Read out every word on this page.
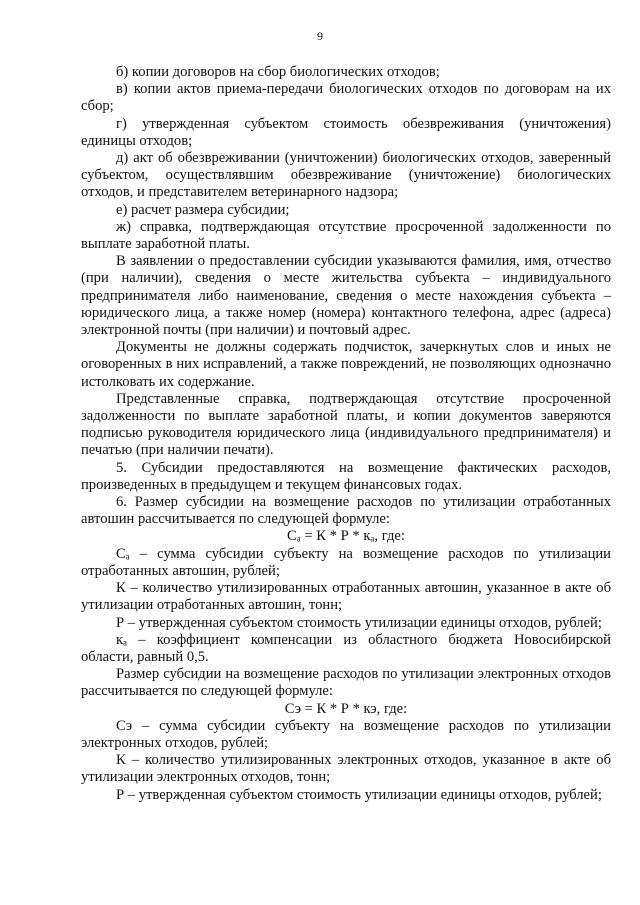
9

б) копии договоров на сбор биологических отходов;

в) копии актов приема-передачи биологических отходов по договорам на их сбор;

г) утвержденная субъектом стоимость обезвреживания (уничтожения) единицы отходов;

д) акт об обезвреживании (уничтожении) биологических отходов, заверенный субъектом, осуществлявшим обезвреживание (уничтожение) биологических отходов, и представителем ветеринарного надзора;

е) расчет размера субсидии;

ж) справка, подтверждающая отсутствие просроченной задолженности по выплате заработной платы.

В заявлении о предоставлении субсидии указываются фамилия, имя, отчество (при наличии), сведения о месте жительства субъекта – индивидуального предпринимателя либо наименование, сведения о месте нахождения субъекта – юридического лица, а также номер (номера) контактного телефона, адрес (адреса) электронной почты (при наличии) и почтовый адрес.

Документы не должны содержать подчисток, зачеркнутых слов и иных не оговоренных в них исправлений, а также повреждений, не позволяющих однозначно истолковать их содержание.

Представленные справка, подтверждающая отсутствие просроченной задолженности по выплате заработной платы, и копии документов заверяются подписью руководителя юридического лица (индивидуального предпринимателя) и печатью (при наличии печати).

5. Субсидии предоставляются на возмещение фактических расходов, произведенных в предыдущем и текущем финансовых годах.

6. Размер субсидии на возмещение расходов по утилизации отработанных автошин рассчитывается по следующей формуле:

Сₐ = К * Р * кₐ, где:

Сₐ – сумма субсидии субъекту на возмещение расходов по утилизации отработанных автошин, рублей;

К – количество утилизированных отработанных автошин, указанное в акте об утилизации отработанных автошин, тонн;

Р – утвержденная субъектом стоимость утилизации единицы отходов, рублей;

кₐ – коэффициент компенсации из областного бюджета Новосибирской области, равный 0,5.

Размер субсидии на возмещение расходов по утилизации электронных отходов рассчитывается по следующей формуле:

Сэ = К * Р * кэ, где:

Сэ – сумма субсидии субъекту на возмещение расходов по утилизации электронных отходов, рублей;

К – количество утилизированных электронных отходов, указанное в акте об утилизации электронных отходов, тонн;

Р – утвержденная субъектом стоимость утилизации единицы отходов, рублей;
